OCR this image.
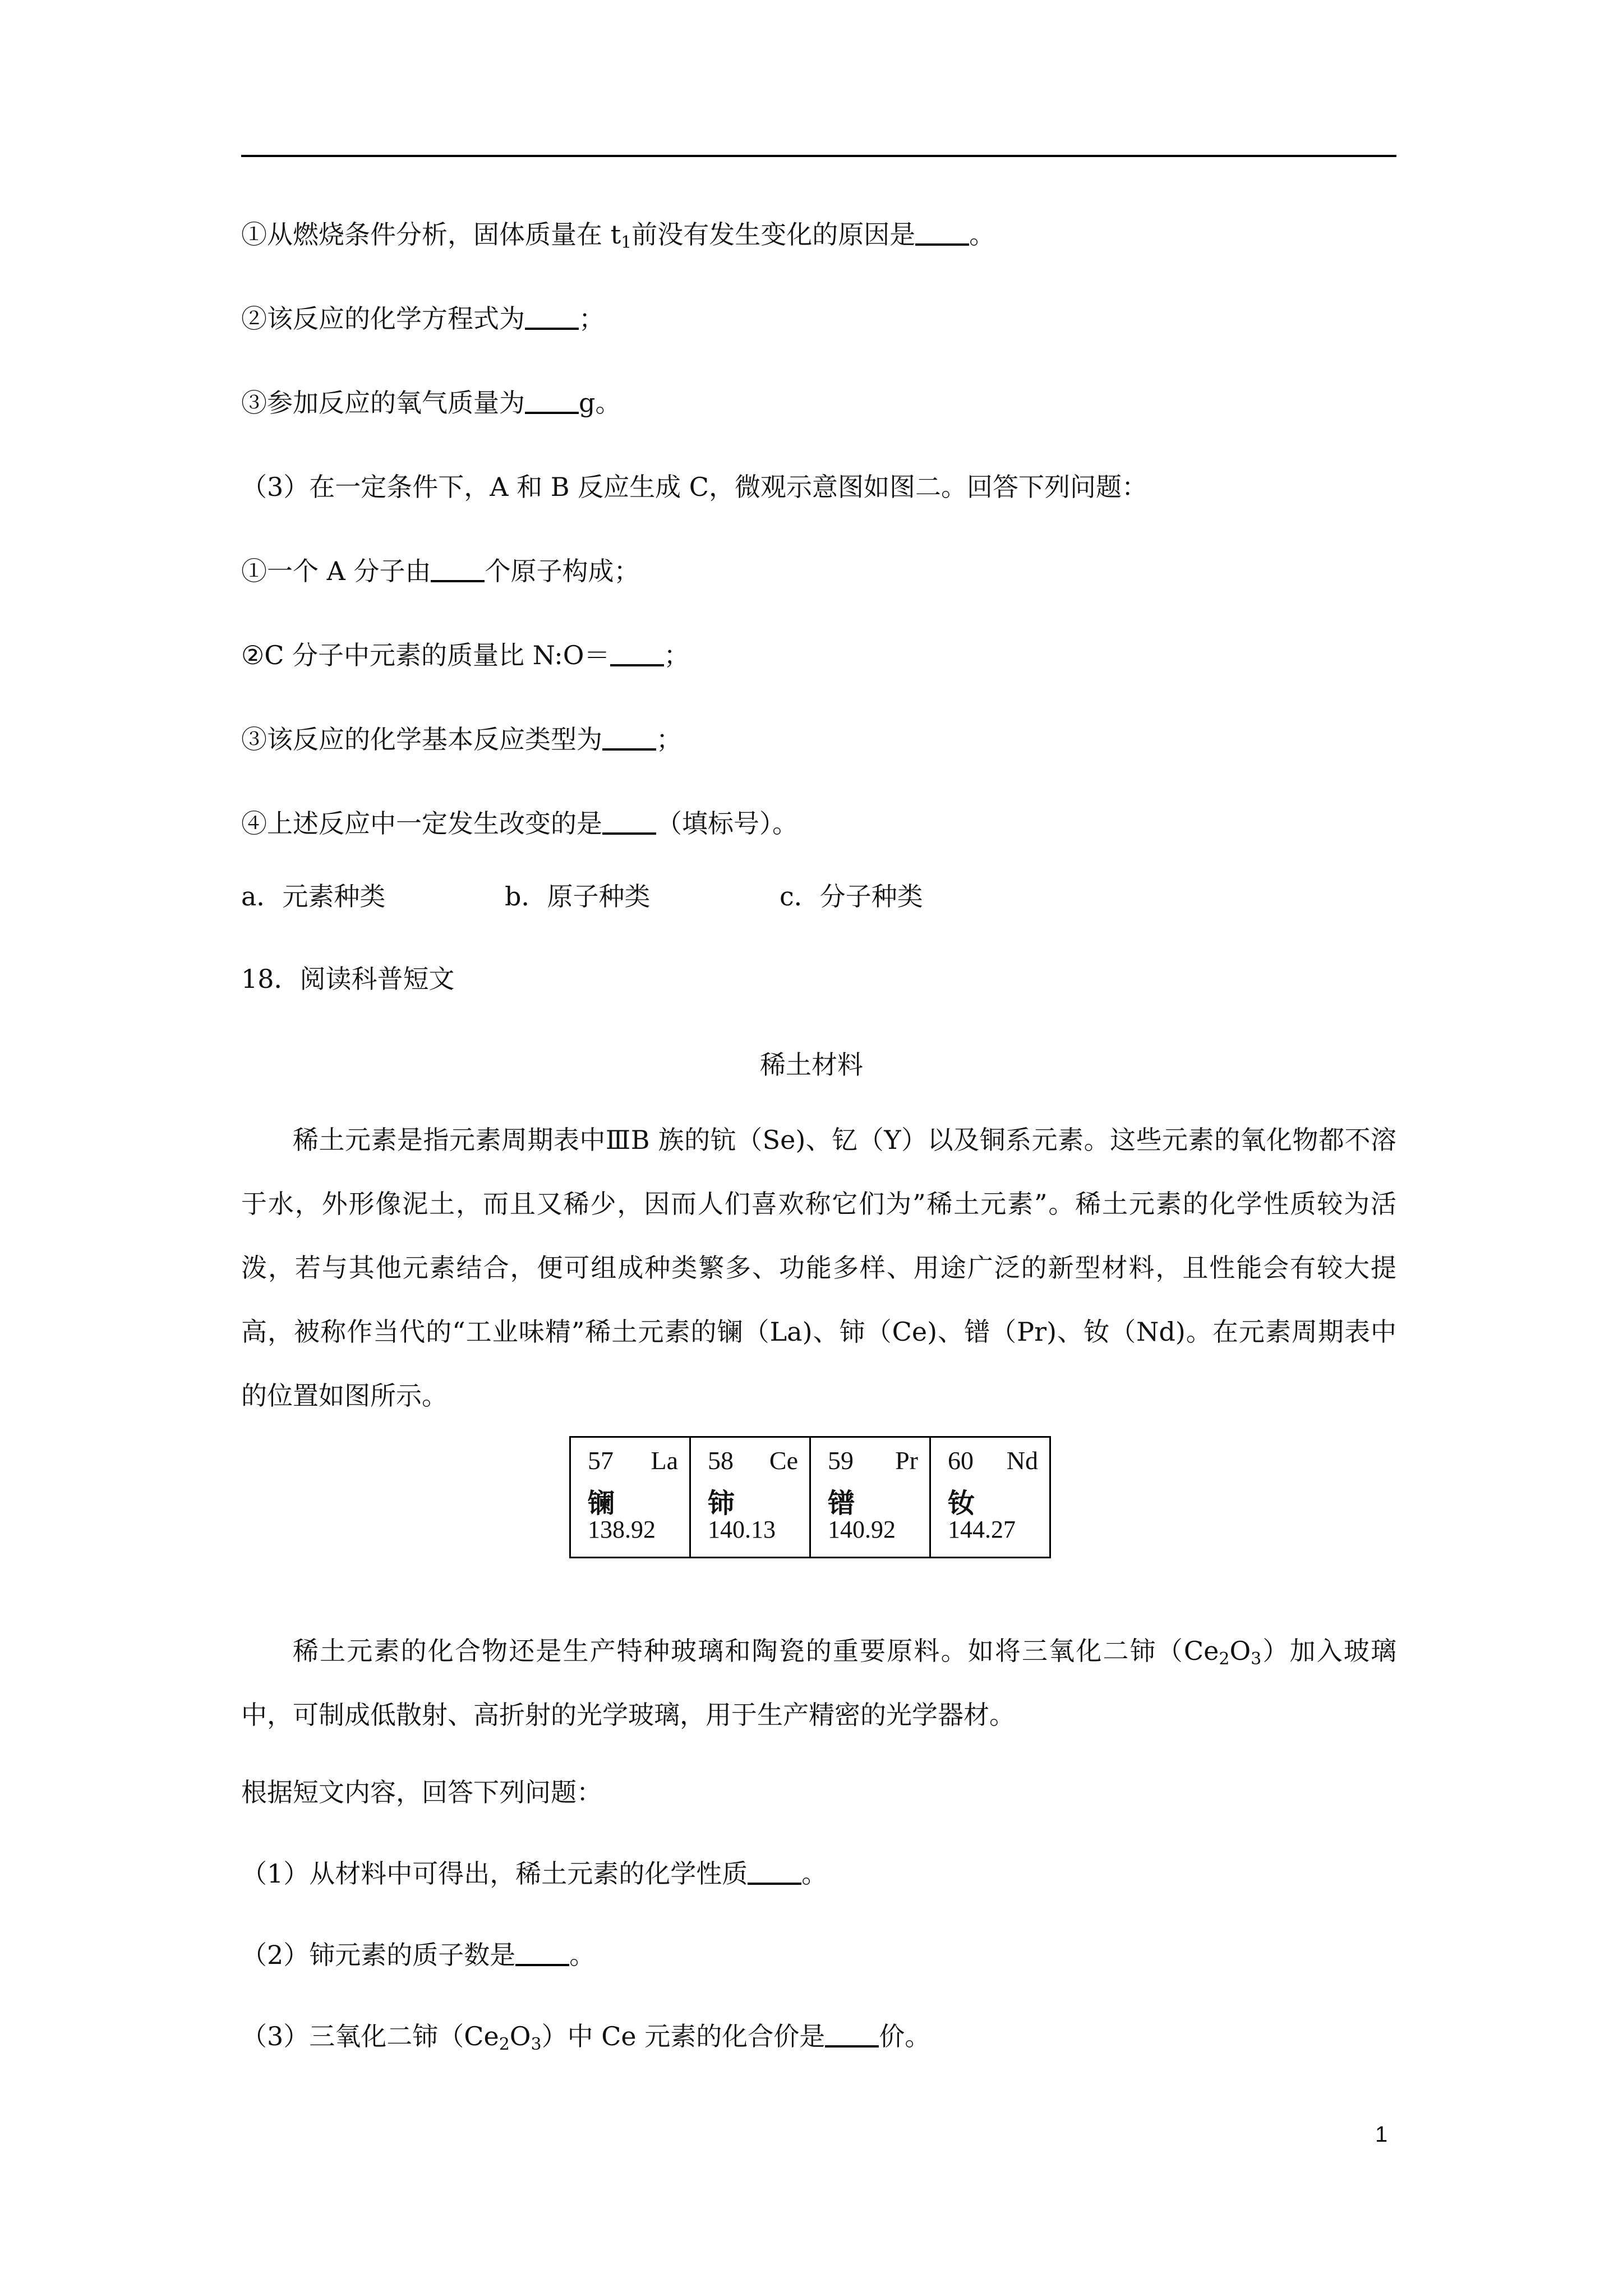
①从燃烧条件分析，固体质量在 $t_1$前没有发生变化的原因是 。
②该反应的化学方程式为 ；
③参加反应的氧气质量为 g。
（3）在一定条件下，A 和 B 反应生成 C，微观示意图如图二。回答下列问题：
①一个 A 分子由 个原子构成；
②C 分子中元素的质量比 N:O＝ ；
③该反应的化学基本反应类型为 ；
④上述反应中一定发生改变的是 （填标号）。
a．元素种类	b．原子种类	c．分子种类
18．阅读科普短文
稀土材料
稀土元素是指元素周期表中ⅢB 族的钪（Se)、钇（Y）以及铜系元素。这些元素的氧化物都不溶于水，外形像泥土，而且又稀少，因而人们喜欢称它们为”稀土元素”。稀土元素的化学性质较为活泼，若与其他元素结合，便可组成种类繁多、功能多样、用途广泛的新型材料，且性能会有较大提高，被称作当代的“工业味精”稀土元素的镧（La)、铈（Ce)、镨（Pr)、钕（Nd)。在元素周期表中的位置如图所示。
57 La
镧
138.92

58 Ce
铈
140.13

59 Pr
镨
140.92

60 Nd
钕
144.27
稀土元素的化合物还是生产特种玻璃和陶瓷的重要原料。如将三氧化二铈$(Ce_2O_3)$加入玻璃中，可制成低散射、高折射的光学玻璃，用于生产精密的光学器材。
根据短文内容，回答下列问题：
（1）从材料中可得出，稀土元素的化学性质 。
（2）铈元素的质子数是 。
（3）三氧化二铈$(Ce_2O_3)$中 Ce 元素的化合价是 价。
1
